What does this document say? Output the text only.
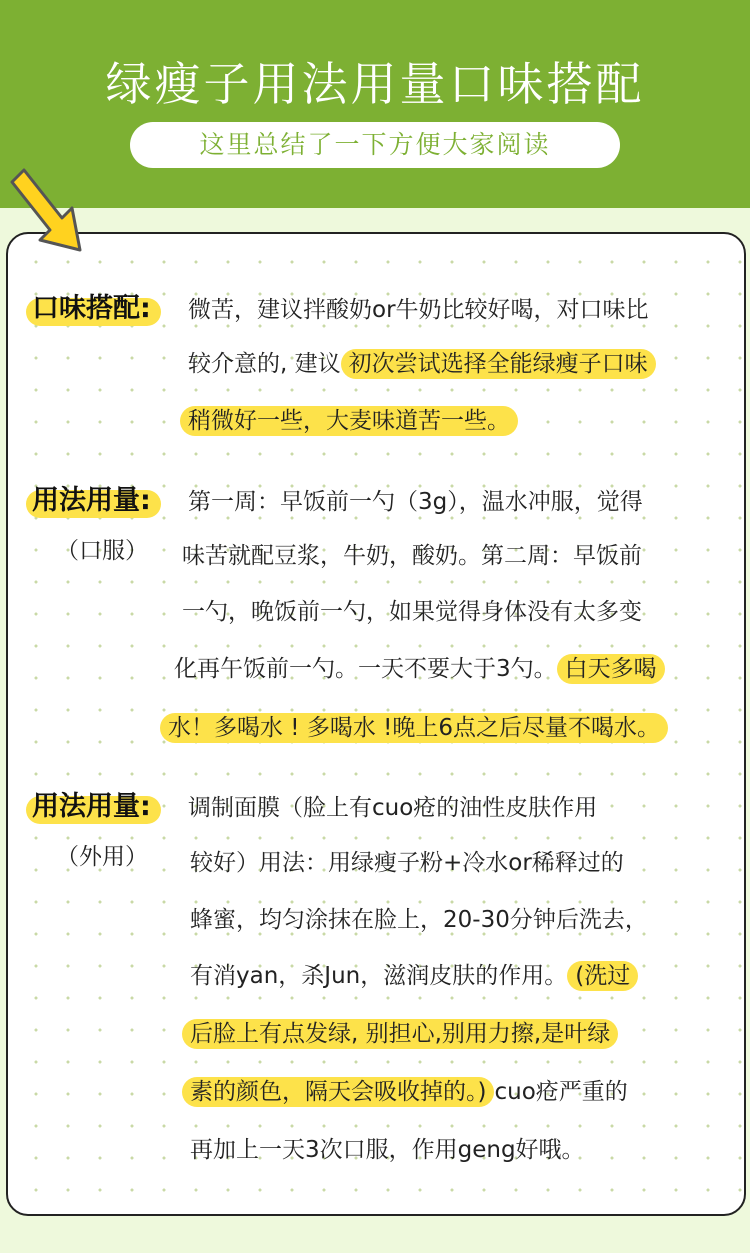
绿瘦子用法用量口味搭配
这里总结了一下方便大家阅读
口味搭配: 微苦，建议拌酸奶or牛奶比较好喝，对口味比
较介意的, 建议 初次尝试选择全能绿瘦子口味
稍微好一些，大麦味道苦一些。
用法用量:
（口服）
第一周：早饭前一勺（3g），温水冲服，觉得
味苦就配豆浆，牛奶，酸奶。第二周：早饭前
一勺，晚饭前一勺，如果觉得身体没有太多变
化再午饭前一勺。一天不要大于3勺。 白天多喝
水！多喝水 ! 多喝水 !晚上6点之后尽量不喝水。
用法用量:
（外用）
调制面膜（脸上有cuo疮的油性皮肤作用
较好）用法：用绿瘦子粉+冷水or稀释过的
蜂蜜，均匀涂抹在脸上，20-30分钟后洗去，
有消yan，杀Jun，滋润皮肤的作用。 (洗过
后脸上有点发绿, 别担心,别用力擦,是叶绿
素的颜色，隔天会吸收掉的。) cuo疮严重的
再加上一天3次口服，作用geng好哦。
